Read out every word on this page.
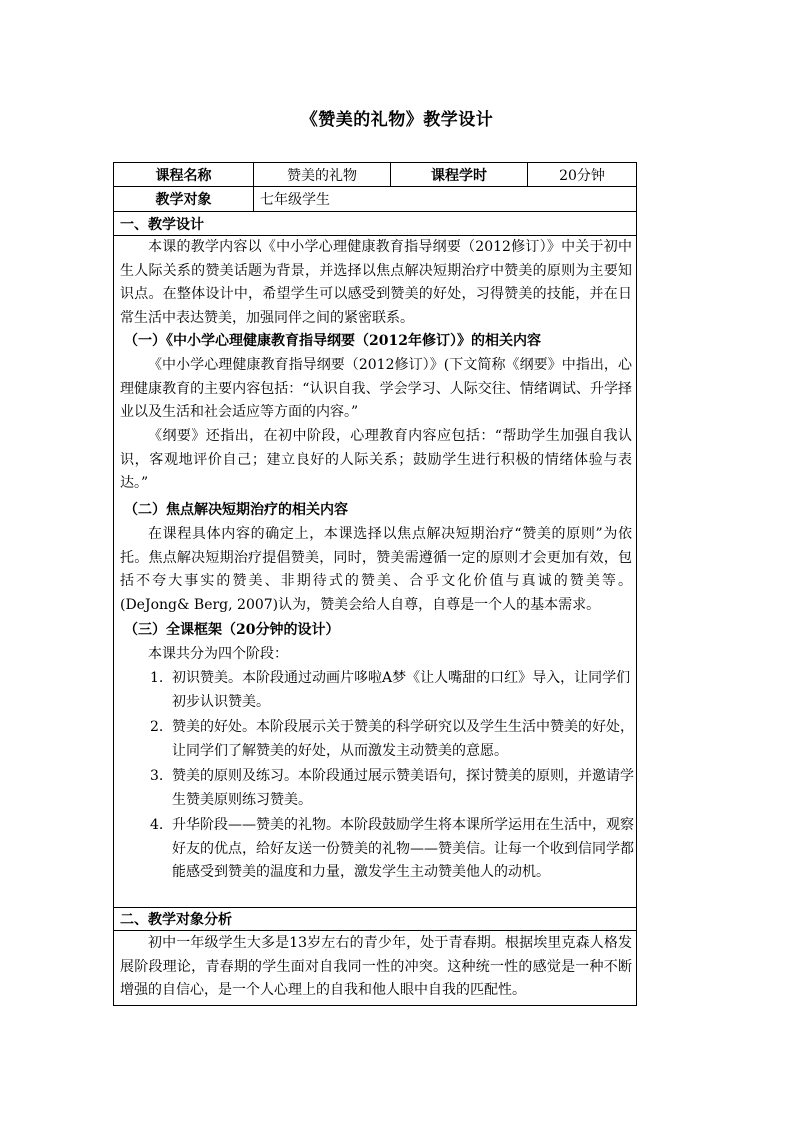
《赞美的礼物》教学设计
课程名称	赞美的礼物	课程学时	20分钟
教学对象	七年级学生
一、教学设计
本课的教学内容以《中小学心理健康教育指导纲要（2012修订）》中关于初中生人际关系的赞美话题为背景，并选择以焦点解决短期治疗中赞美的原则为主要知识点。在整体设计中，希望学生可以感受到赞美的好处，习得赞美的技能，并在日常生活中表达赞美，加强同伴之间的紧密联系。
（一）《中小学心理健康教育指导纲要（2012年修订）》的相关内容
《中小学心理健康教育指导纲要（2012修订）》(下文简称《纲要》中指出，心理健康教育的主要内容包括：“认识自我、学会学习、人际交往、情绪调试、升学择业以及生活和社会适应等方面的内容。”
《纲要》还指出，在初中阶段，心理教育内容应包括：“帮助学生加强自我认识，客观地评价自己；建立良好的人际关系；鼓励学生进行积极的情绪体验与表达。”
（二）焦点解决短期治疗的相关内容
在课程具体内容的确定上，本课选择以焦点解决短期治疗“赞美的原则”为依托。焦点解决短期治疗提倡赞美，同时，赞美需遵循一定的原则才会更加有效，包括不夸大事实的赞美、非期待式的赞美、合乎文化价值与真诚的赞美等。(DeJong& Berg, 2007)认为，赞美会给人自尊，自尊是一个人的基本需求。
（三）全课框架（20分钟的设计）
本课共分为四个阶段：
1. 初识赞美。本阶段通过动画片哆啦A梦《让人嘴甜的口红》导入，让同学们初步认识赞美。
2. 赞美的好处。本阶段展示关于赞美的科学研究以及学生生活中赞美的好处，让同学们了解赞美的好处，从而激发主动赞美的意愿。
3. 赞美的原则及练习。本阶段通过展示赞美语句，探讨赞美的原则，并邀请学生赞美原则练习赞美。
4. 升华阶段——赞美的礼物。本阶段鼓励学生将本课所学运用在生活中，观察好友的优点，给好友送一份赞美的礼物——赞美信。让每一个收到信同学都能感受到赞美的温度和力量，激发学生主动赞美他人的动机。
二、教学对象分析
初中一年级学生大多是13岁左右的青少年，处于青春期。根据埃里克森人格发展阶段理论，青春期的学生面对自我同一性的冲突。这种统一性的感觉是一种不断增强的自信心，是一个人心理上的自我和他人眼中自我的匹配性。
